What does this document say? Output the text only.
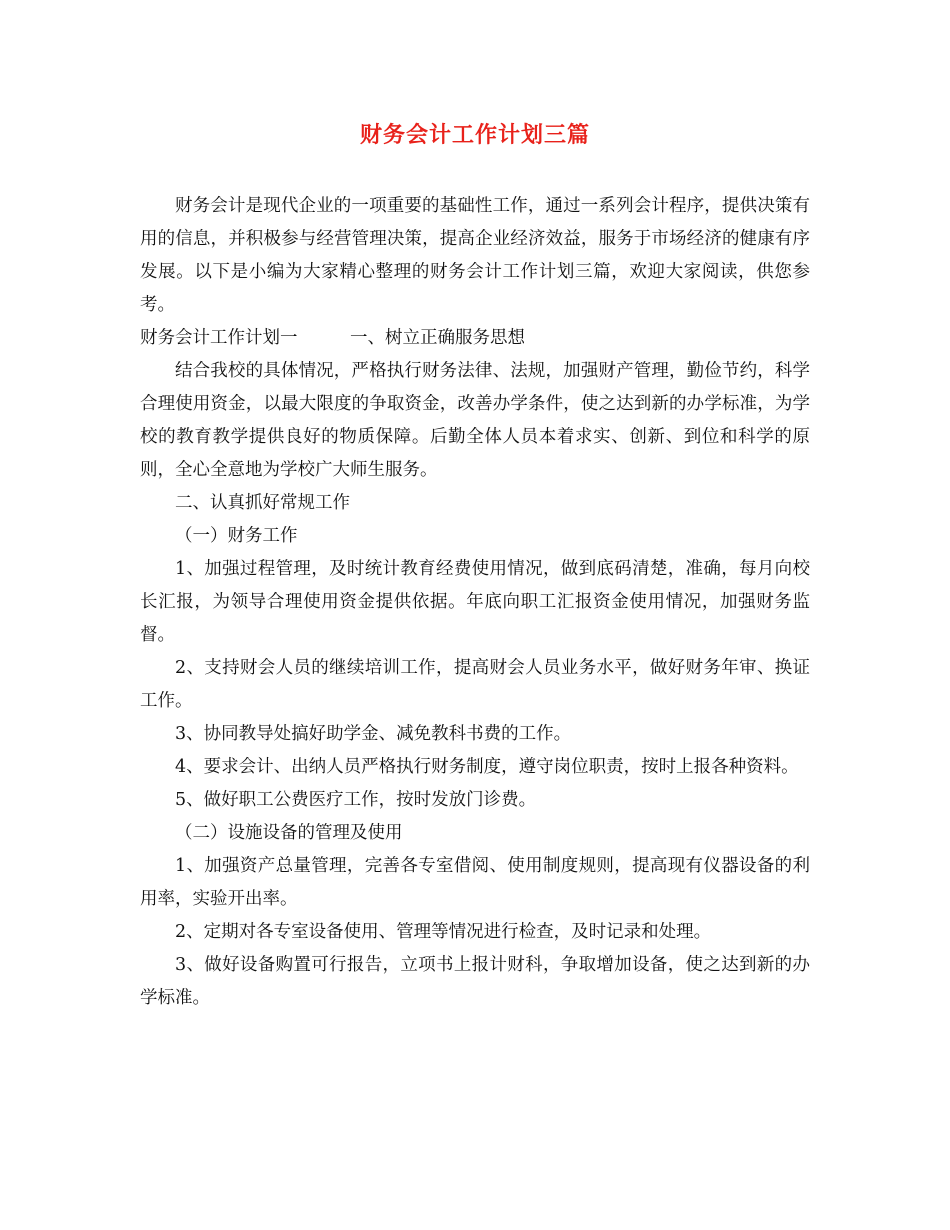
财务会计工作计划三篇

财务会计是现代企业的一项重要的基础性工作，通过一系列会计程序，提供决策有用的信息，并积极参与经营管理决策，提高企业经济效益，服务于市场经济的健康有序发展。以下是小编为大家精心整理的财务会计工作计划三篇，欢迎大家阅读，供您参考。

财务会计工作计划一　　　一、树立正确服务思想

结合我校的具体情况，严格执行财务法律、法规，加强财产管理，勤俭节约，科学合理使用资金，以最大限度的争取资金，改善办学条件，使之达到新的办学标准，为学校的教育教学提供良好的物质保障。后勤全体人员本着求实、创新、到位和科学的原则，全心全意地为学校广大师生服务。

二、认真抓好常规工作

（一）财务工作

1、加强过程管理，及时统计教育经费使用情况，做到底码清楚，准确，每月向校长汇报，为领导合理使用资金提供依据。年底向职工汇报资金使用情况，加强财务监督。

2、支持财会人员的继续培训工作，提高财会人员业务水平，做好财务年审、换证工作。

3、协同教导处搞好助学金、减免教科书费的工作。

4、要求会计、出纳人员严格执行财务制度，遵守岗位职责，按时上报各种资料。

5、做好职工公费医疗工作，按时发放门诊费。

（二）设施设备的管理及使用

1、加强资产总量管理，完善各专室借阅、使用制度规则，提高现有仪器设备的利用率，实验开出率。

2、定期对各专室设备使用、管理等情况进行检查，及时记录和处理。

3、做好设备购置可行报告，立项书上报计财科，争取增加设备，使之达到新的办学标准。
